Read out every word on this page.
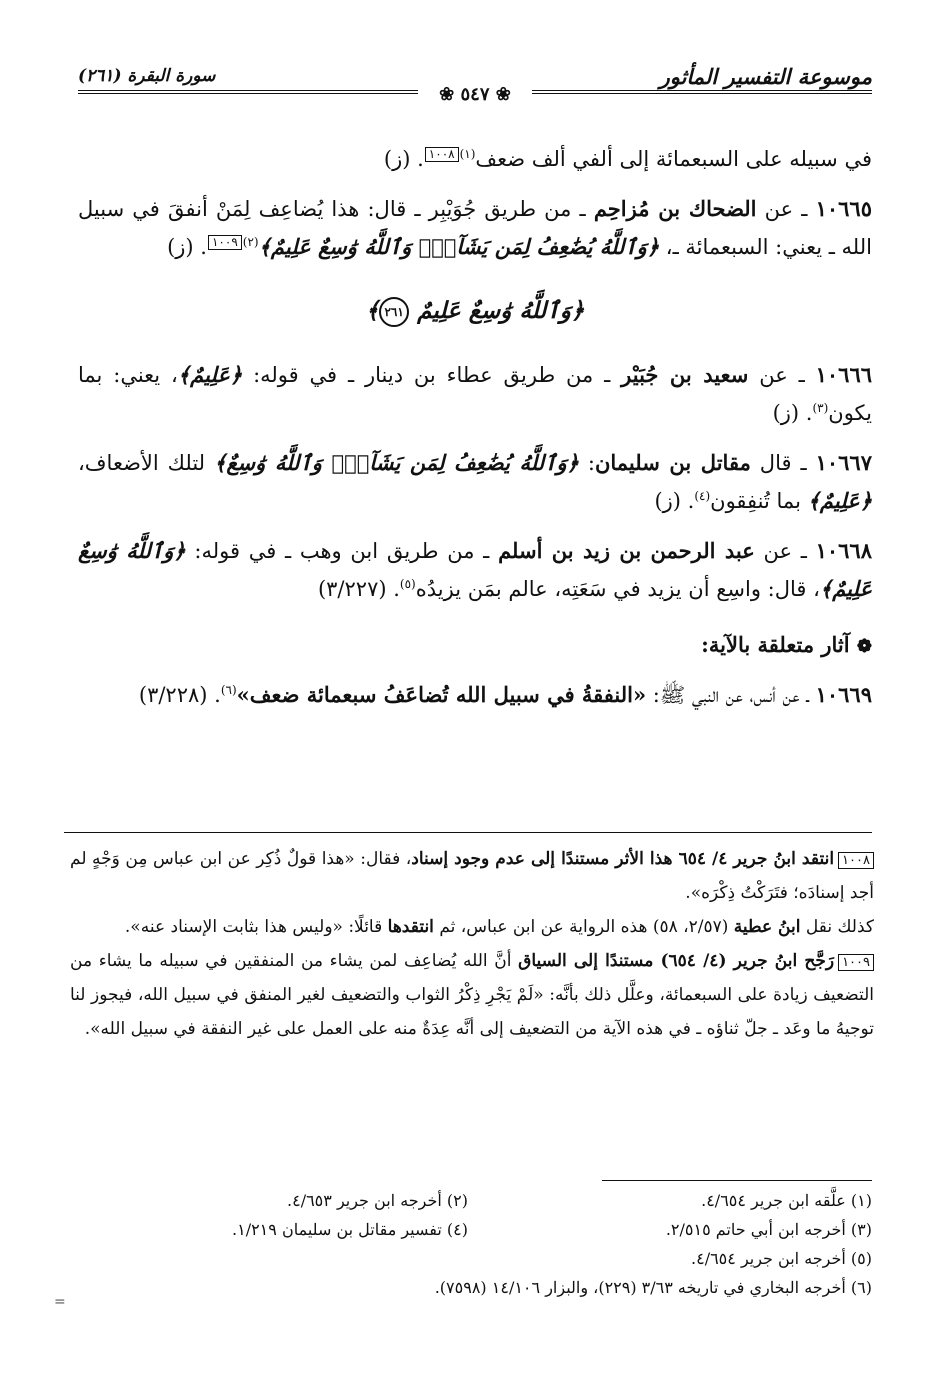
موسوعة التفسير المأثور
سورة البقرة (٢٦١)
❀ ٥٤٧ ❀

في سبيله على السبعمائة إلى ألفي ألف ضعف$^{(١)}$١٠٠٨. (ز)

١٠٦٦٥ ـ عن الضحاك بن مُزاحِم ـ من طريق جُوَيْبِر ـ قال: هذا يُضاعِف لِمَنْ أنفقَ في سبيل الله ـ يعني: السبعمائة ـ، ﴿وَٱللَّهُ يُضَٰعِفُ لِمَن يَشَآءُۗ وَٱللَّهُ وَٰسِعٌ عَلِيمٌ﴾$^{(٢)}$١٠٠٩. (ز)

﴿وَٱللَّهُ وَٰسِعٌ عَلِيمٌ ٢٦١﴾

١٠٦٦٦ ـ عن سعيد بن جُبَيْر ـ من طريق عطاء بن دينار ـ في قوله: ﴿عَلِيمٌ﴾، يعني: بما يكون$^{(٣)}$. (ز)

١٠٦٦٧ ـ قال مقاتل بن سليمان: ﴿وَٱللَّهُ يُضَٰعِفُ لِمَن يَشَآءُۗ وَٱللَّهُ وَٰسِعٌ﴾ لتلك الأضعاف، ﴿عَلِيمٌ﴾ بما تُنفِقون$^{(٤)}$. (ز)

١٠٦٦٨ ـ عن عبد الرحمن بن زيد بن أسلم ـ من طريق ابن وهب ـ في قوله: ﴿وَٱللَّهُ وَٰسِعٌ عَلِيمٌ﴾، قال: واسِع أن يزيد في سَعَتِه، عالم بمَن يزيدُه$^{(٥)}$. (٣/٢٢٧)

❁ آثار متعلقة بالآية:

١٠٦٦٩ ـ عن أنس، عن النبي ﷺ: «النفقةُ في سبيل الله تُضاعَفُ سبعمائة ضعف»$^{(٦)}$. (٣/٢٢٨)

١٠٠٨انتقد ابنُ جرير ٤/ ٦٥٤ هذا الأثر مستندًا إلى عدم وجود إسناد، فقال: «هذا قولٌ ذُكِر عن ابن عباس مِن وَجْهٍ لم أجد إسنادَه؛ فتَرَكْتُ ذِكْرَه».

كذلك نقل ابنُ عطية (٢/٥٧، ٥٨) هذه الرواية عن ابن عباس، ثم انتقدها قائلًا: «وليس هذا بثابت الإسناد عنه».

١٠٠٩رَجَّح ابنُ جرير (٤/ ٦٥٤) مستندًا إلى السياق أنَّ الله يُضاعِف لمن يشاء من المنفقين في سبيله ما يشاء من التضعيف زيادة على السبعمائة، وعلَّل ذلك بأنَّه: «لَمْ يَجْرِ ذِكْرُ الثواب والتضعيف لغير المنفق في سبيل الله، فيجوز لنا توجيهُ ما وعَد ـ جلّ ثناؤه ـ في هذه الآية من التضعيف إلى أنَّه عِدَةٌ منه على العمل على غير النفقة في سبيل الله».

(١) علَّقه ابن جرير ٤/٦٥٤.
(٢) أخرجه ابن جرير ٤/٦٥٣.
(٣) أخرجه ابن أبي حاتم ٢/٥١٥.
(٤) تفسير مقاتل بن سليمان ١/٢١٩.
(٥) أخرجه ابن جرير ٤/٦٥٤.
(٦) أخرجه البخاري في تاريخه ٣/٦٣ (٢٢٩)، والبزار ١٤/١٠٦ (٧٥٩٨).
=
